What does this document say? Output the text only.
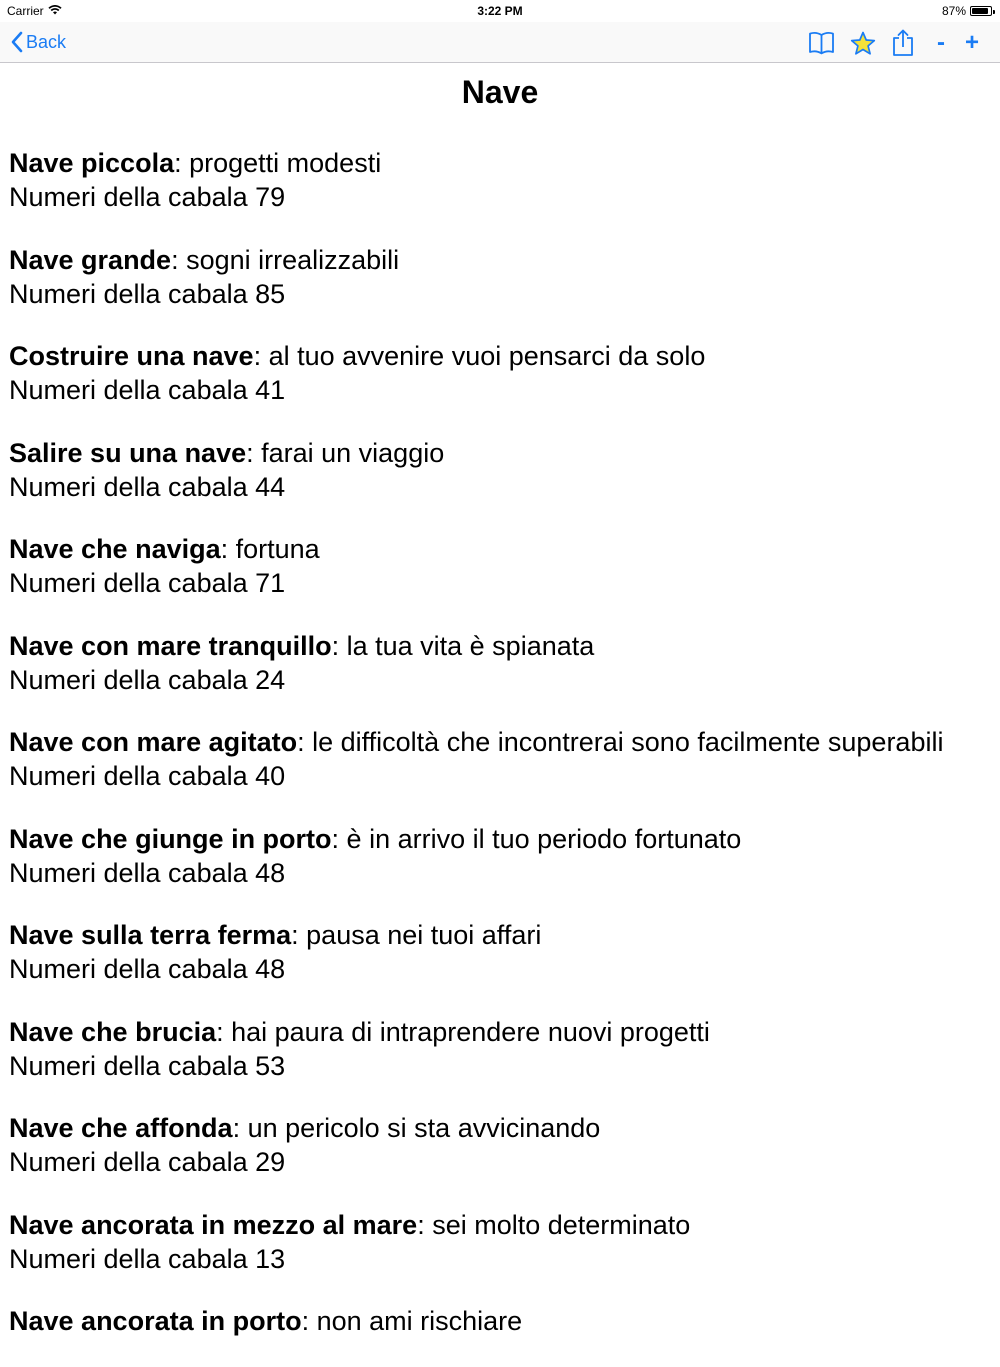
Carrier	3:22 PM	87%
Back	- +
Nave
Nave piccola: progetti modesti
Numeri della cabala 79
Nave grande: sogni irrealizzabili
Numeri della cabala 85
Costruire una nave: al tuo avvenire vuoi pensarci da solo
Numeri della cabala 41
Salire su una nave: farai un viaggio
Numeri della cabala 44
Nave che naviga: fortuna
Numeri della cabala 71
Nave con mare tranquillo: la tua vita è spianata
Numeri della cabala 24
Nave con mare agitato: le difficoltà che incontrerai sono facilmente superabili
Numeri della cabala 40
Nave che giunge in porto: è in arrivo il tuo periodo fortunato
Numeri della cabala 48
Nave sulla terra ferma: pausa nei tuoi affari
Numeri della cabala 48
Nave che brucia: hai paura di intraprendere nuovi progetti
Numeri della cabala 53
Nave che affonda: un pericolo si sta avvicinando
Numeri della cabala 29
Nave ancorata in mezzo al mare: sei molto determinato
Numeri della cabala 13
Nave ancorata in porto: non ami rischiare
